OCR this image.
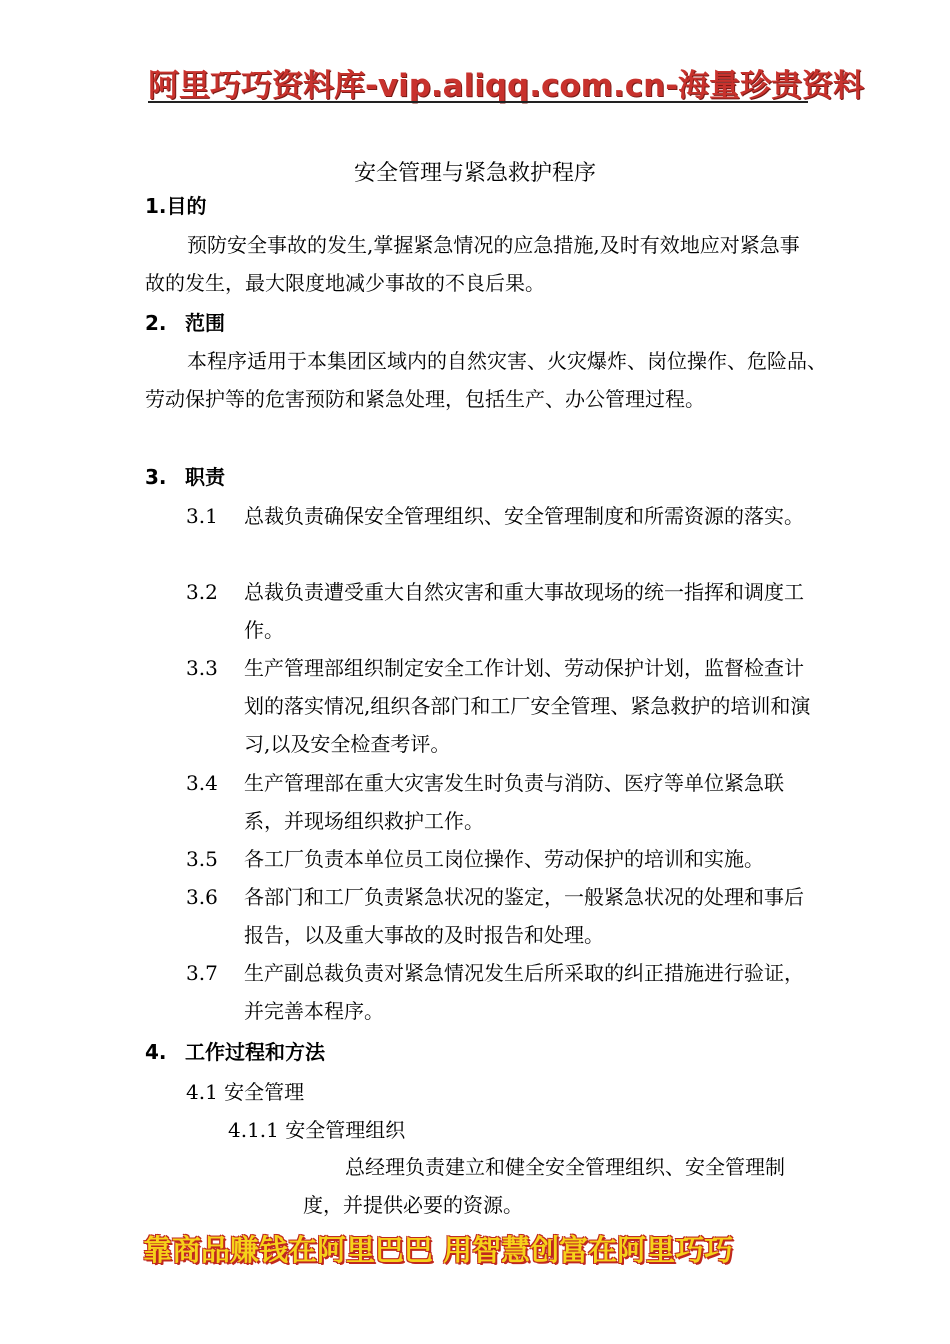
阿里巧巧资料库-vip.aliqq.com.cn-海量珍贵资料
安全管理与紧急救护程序
1.目的
预防安全事故的发生,掌握紧急情况的应急措施,及时有效地应对紧急事故的发生，最大限度地减少事故的不良后果。
2. 范围
本程序适用于本集团区域内的自然灾害、火灾爆炸、岗位操作、危险品、劳动保护等的危害预防和紧急处理，包括生产、办公管理过程。
3. 职责
3.1	总裁负责确保安全管理组织、安全管理制度和所需资源的落实。
3.2	总裁负责遭受重大自然灾害和重大事故现场的统一指挥和调度工作。
3.3	生产管理部组织制定安全工作计划、劳动保护计划，监督检查计划的落实情况,组织各部门和工厂安全管理、紧急救护的培训和演习,以及安全检查考评。
3.4	生产管理部在重大灾害发生时负责与消防、医疗等单位紧急联系，并现场组织救护工作。
3.5	各工厂负责本单位员工岗位操作、劳动保护的培训和实施。
3.6	各部门和工厂负责紧急状况的鉴定，一般紧急状况的处理和事后报告，以及重大事故的及时报告和处理。
3.7	生产副总裁负责对紧急情况发生后所采取的纠正措施进行验证，并完善本程序。
4. 工作过程和方法
4.1 安全管理
4.1.1 安全管理组织
总经理负责建立和健全安全管理组织、安全管理制度，并提供必要的资源。
靠商品赚钱在阿里巴巴 用智慧创富在阿里巧巧
